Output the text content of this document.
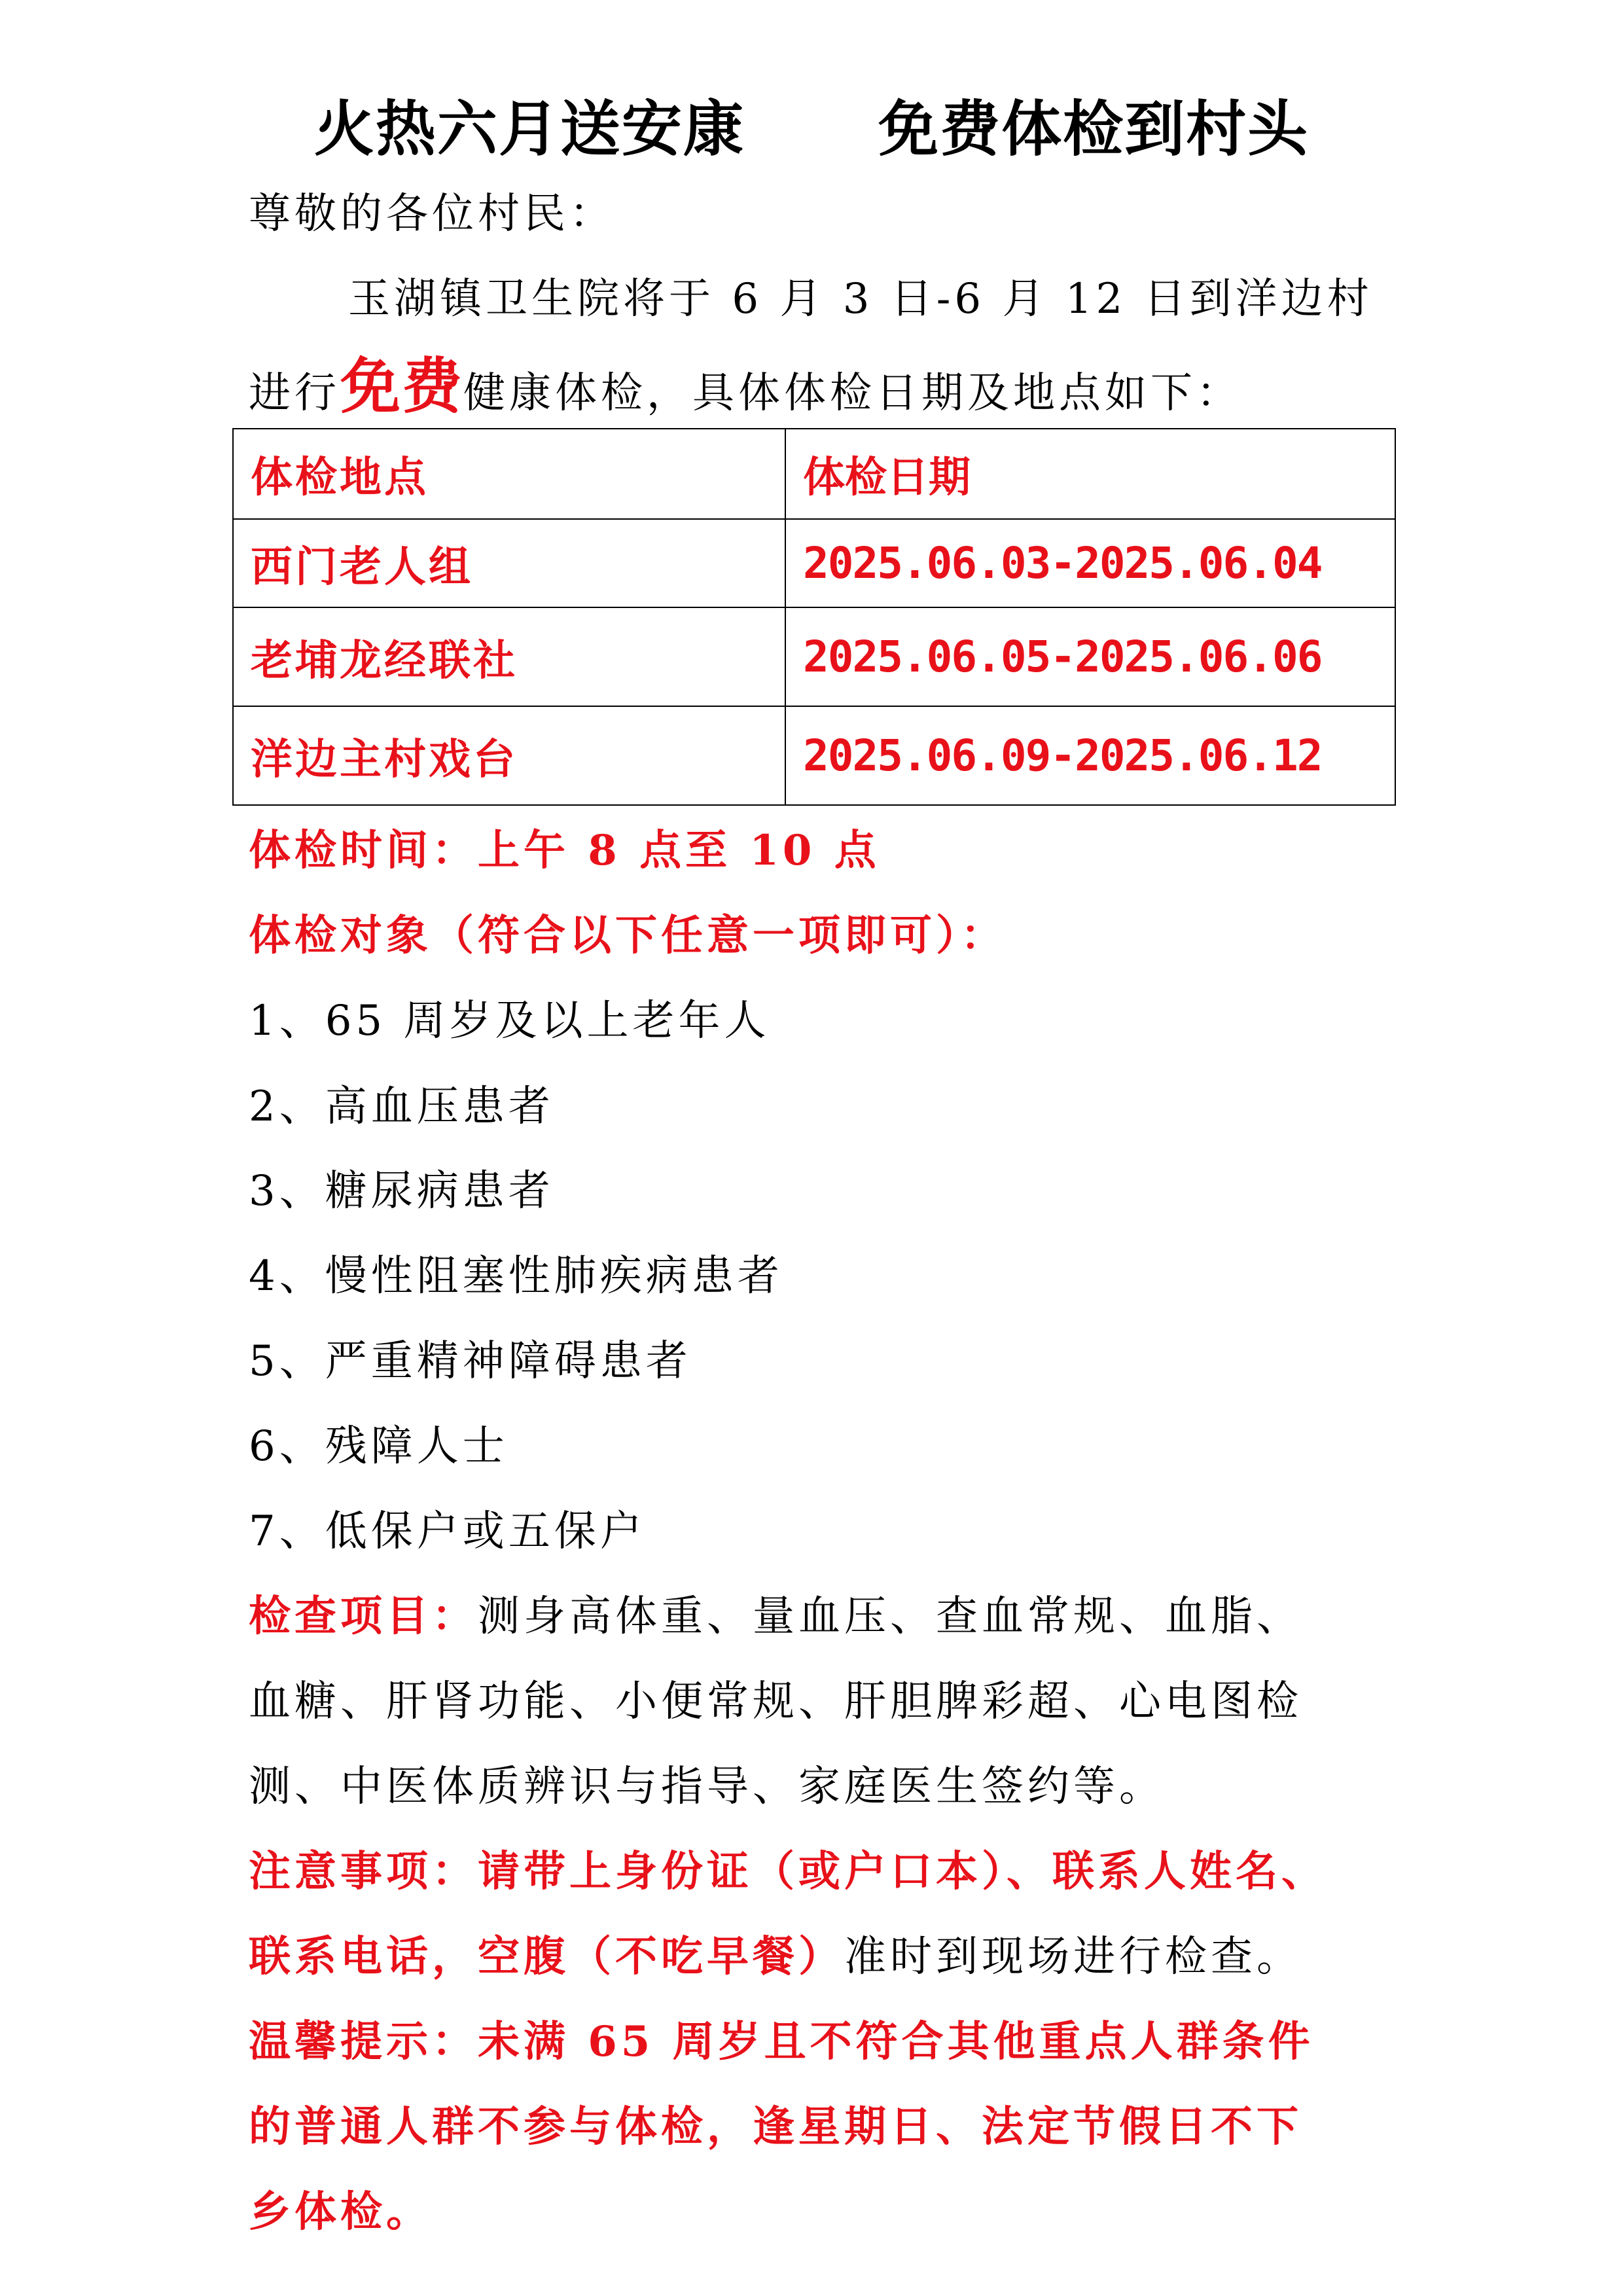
火热六月送安康      免费体检到村头
尊敬的各位村民：
玉湖镇卫生院将于 6 月 3 日-6 月 12 日到洋边村
进行免费健康体检，具体体检日期及地点如下：
体检地点	体检日期
西门老人组	2025.06.03-2025.06.04
老埔龙经联社	2025.06.05-2025.06.06
洋边主村戏台	2025.06.09-2025.06.12
体检时间：上午 8 点至 10 点
体检对象（符合以下任意一项即可）：
1、65 周岁及以上老年人
2、高血压患者
3、糖尿病患者
4、慢性阻塞性肺疾病患者
5、严重精神障碍患者
6、残障人士
7、低保户或五保户
检查项目：测身高体重、量血压、查血常规、血脂、
血糖、肝肾功能、小便常规、肝胆脾彩超、心电图检
测、中医体质辨识与指导、家庭医生签约等。
注意事项：请带上身份证（或户口本）、联系人姓名、
联系电话，空腹（不吃早餐）准时到现场进行检查。
温馨提示：未满 65 周岁且不符合其他重点人群条件
的普通人群不参与体检，逢星期日、法定节假日不下
乡体检。
